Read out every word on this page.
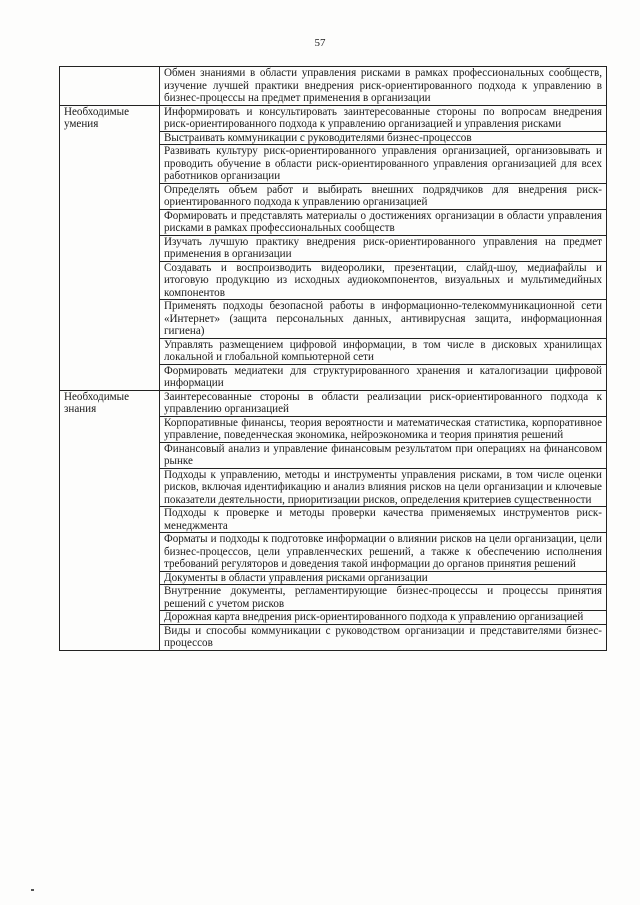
57
	Обмен знаниями в области управления рисками в рамках профессиональных сообществ, изучение лучшей практики внедрения риск-ориентированного подхода к управлению в бизнес-процессы на предмет применения в организации
Необходимые умения	Информировать и консультировать заинтересованные стороны по вопросам внедрения риск-ориентированного подхода к управлению организацией и управления рисками
	Выстраивать коммуникации с руководителями бизнес-процессов
	Развивать культуру риск-ориентированного управления организацией, организовывать и проводить обучение в области риск-ориентированного управления организацией для всех работников организации
	Определять объем работ и выбирать внешних подрядчиков для внедрения риск-ориентированного подхода к управлению организацией
	Формировать и представлять материалы о достижениях организации в области управления рисками в рамках профессиональных сообществ
	Изучать лучшую практику внедрения риск-ориентированного управления на предмет применения в организации
	Создавать и воспроизводить видеоролики, презентации, слайд-шоу, медиафайлы и итоговую продукцию из исходных аудиокомпонентов, визуальных и мультимедийных компонентов
	Применять подходы безопасной работы в информационно-телекоммуникационной сети «Интернет» (защита персональных данных, антивирусная защита, информационная гигиена)
	Управлять размещением цифровой информации, в том числе в дисковых хранилищах локальной и глобальной компьютерной сети
	Формировать медиатеки для структурированного хранения и каталогизации цифровой информации
Необходимые знания	Заинтересованные стороны в области реализации риск-ориентированного подхода к управлению организацией
	Корпоративные финансы, теория вероятности и математическая статистика, корпоративное управление, поведенческая экономика, нейроэкономика и теория принятия решений
	Финансовый анализ и управление финансовым результатом при операциях на финансовом рынке
	Подходы к управлению, методы и инструменты управления рисками, в том числе оценки рисков, включая идентификацию и анализ влияния рисков на цели организации и ключевые показатели деятельности, приоритизации рисков, определения критериев существенности
	Подходы к проверке и методы проверки качества применяемых инструментов риск-менеджмента
	Форматы и подходы к подготовке информации о влиянии рисков на цели организации, цели бизнес-процессов, цели управленческих решений, а также к обеспечению исполнения требований регуляторов и доведения такой информации до органов принятия решений
	Документы в области управления рисками организации
	Внутренние документы, регламентирующие бизнес-процессы и процессы принятия решений с учетом рисков
	Дорожная карта внедрения риск-ориентированного подхода к управлению организацией
	Виды и способы коммуникации с руководством организации и представителями бизнес-процессов
